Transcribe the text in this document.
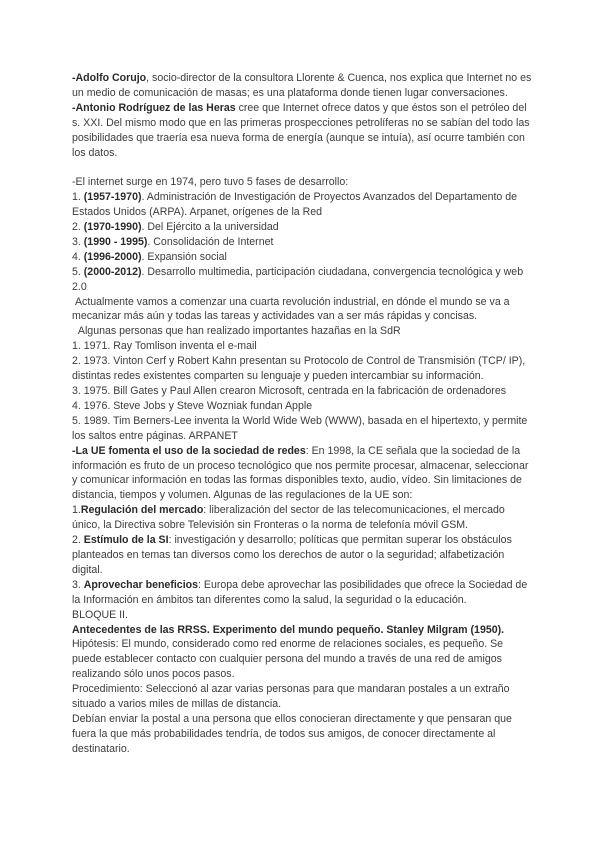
-Adolfo Corujo, socio-director de la consultora Llorente & Cuenca, nos explica que Internet no es un medio de comunicación de masas; es una plataforma donde tienen lugar conversaciones.

-Antonio Rodríguez de las Heras cree que Internet ofrece datos y que éstos son el petróleo del s. XXI. Del mismo modo que en las primeras prospecciones petrolíferas no se sabían del todo las posibilidades que traería esa nueva forma de energía (aunque se intuía), así ocurre también con los datos.

-El internet surge en 1974, pero tuvo 5 fases de desarrollo:

1. (1957-1970). Administración de Investigación de Proyectos Avanzados del Departamento de Estados Unidos (ARPA). Arpanet, orígenes de la Red

2. (1970-1990). Del Ejército a la universidad

3. (1990 - 1995). Consolidación de Internet

4. (1996-2000). Expansión social

5. (2000-2012). Desarrollo multimedia, participación ciudadana, convergencia tecnológica y web 2.0

Actualmente vamos a comenzar una cuarta revolución industrial, en dónde el mundo se va a mecanizar más aún y todas las tareas y actividades van a ser más rápidas y concisas.

Algunas personas que han realizado importantes hazañas en la SdR

1. 1971. Ray Tomlison inventa el e-mail

2. 1973. Vinton Cerf y Robert Kahn presentan su Protocolo de Control de Transmisión (TCP/ IP), distintas redes existentes comparten su lenguaje y pueden intercambiar su información.

3. 1975. Bill Gates y Paul Allen crearon Microsoft, centrada en la fabricación de ordenadores

4. 1976. Steve Jobs y Steve Wozniak fundan Apple

5. 1989. Tim Berners-Lee inventa la World Wide Web (WWW), basada en el hipertexto, y permite los saltos entre páginas. ARPANET

-La UE fomenta el uso de la sociedad de redes: En 1998, la CE señala que la sociedad de la información es fruto de un proceso tecnológico que nos permite procesar, almacenar, seleccionar y comunicar información en todas las formas disponibles texto, audio, vídeo. Sin limitaciones de distancia, tiempos y volumen. Algunas de las regulaciones de la UE son:

1.Regulación del mercado: liberalización del sector de las telecomunicaciones, el mercado único, la Directiva sobre Televisión sin Fronteras o la norma de telefonía móvil GSM.

2. Estímulo de la SI: investigación y desarrollo; políticas que permitan superar los obstáculos planteados en temas tan diversos como los derechos de autor o la seguridad; alfabetización digital.

3. Aprovechar beneficios: Europa debe aprovechar las posibilidades que ofrece la Sociedad de la Información en ámbitos tan diferentes como la salud, la seguridad o la educación.

BLOQUE II.

Antecedentes de las RRSS. Experimento del mundo pequeño. Stanley Milgram (1950).

Hipótesis: El mundo, considerado como red enorme de relaciones sociales, es pequeño. Se puede establecer contacto con cualquier persona del mundo a través de una red de amigos realizando sólo unos pocos pasos.

Procedimiento: Seleccionó al azar varias personas para que mandaran postales a un extraño situado a varios miles de millas de distancia.

Debían enviar la postal a una persona que ellos conocieran directamente y que pensaran que fuera la que más probabilidades tendría, de todos sus amigos, de conocer directamente al destinatario.
